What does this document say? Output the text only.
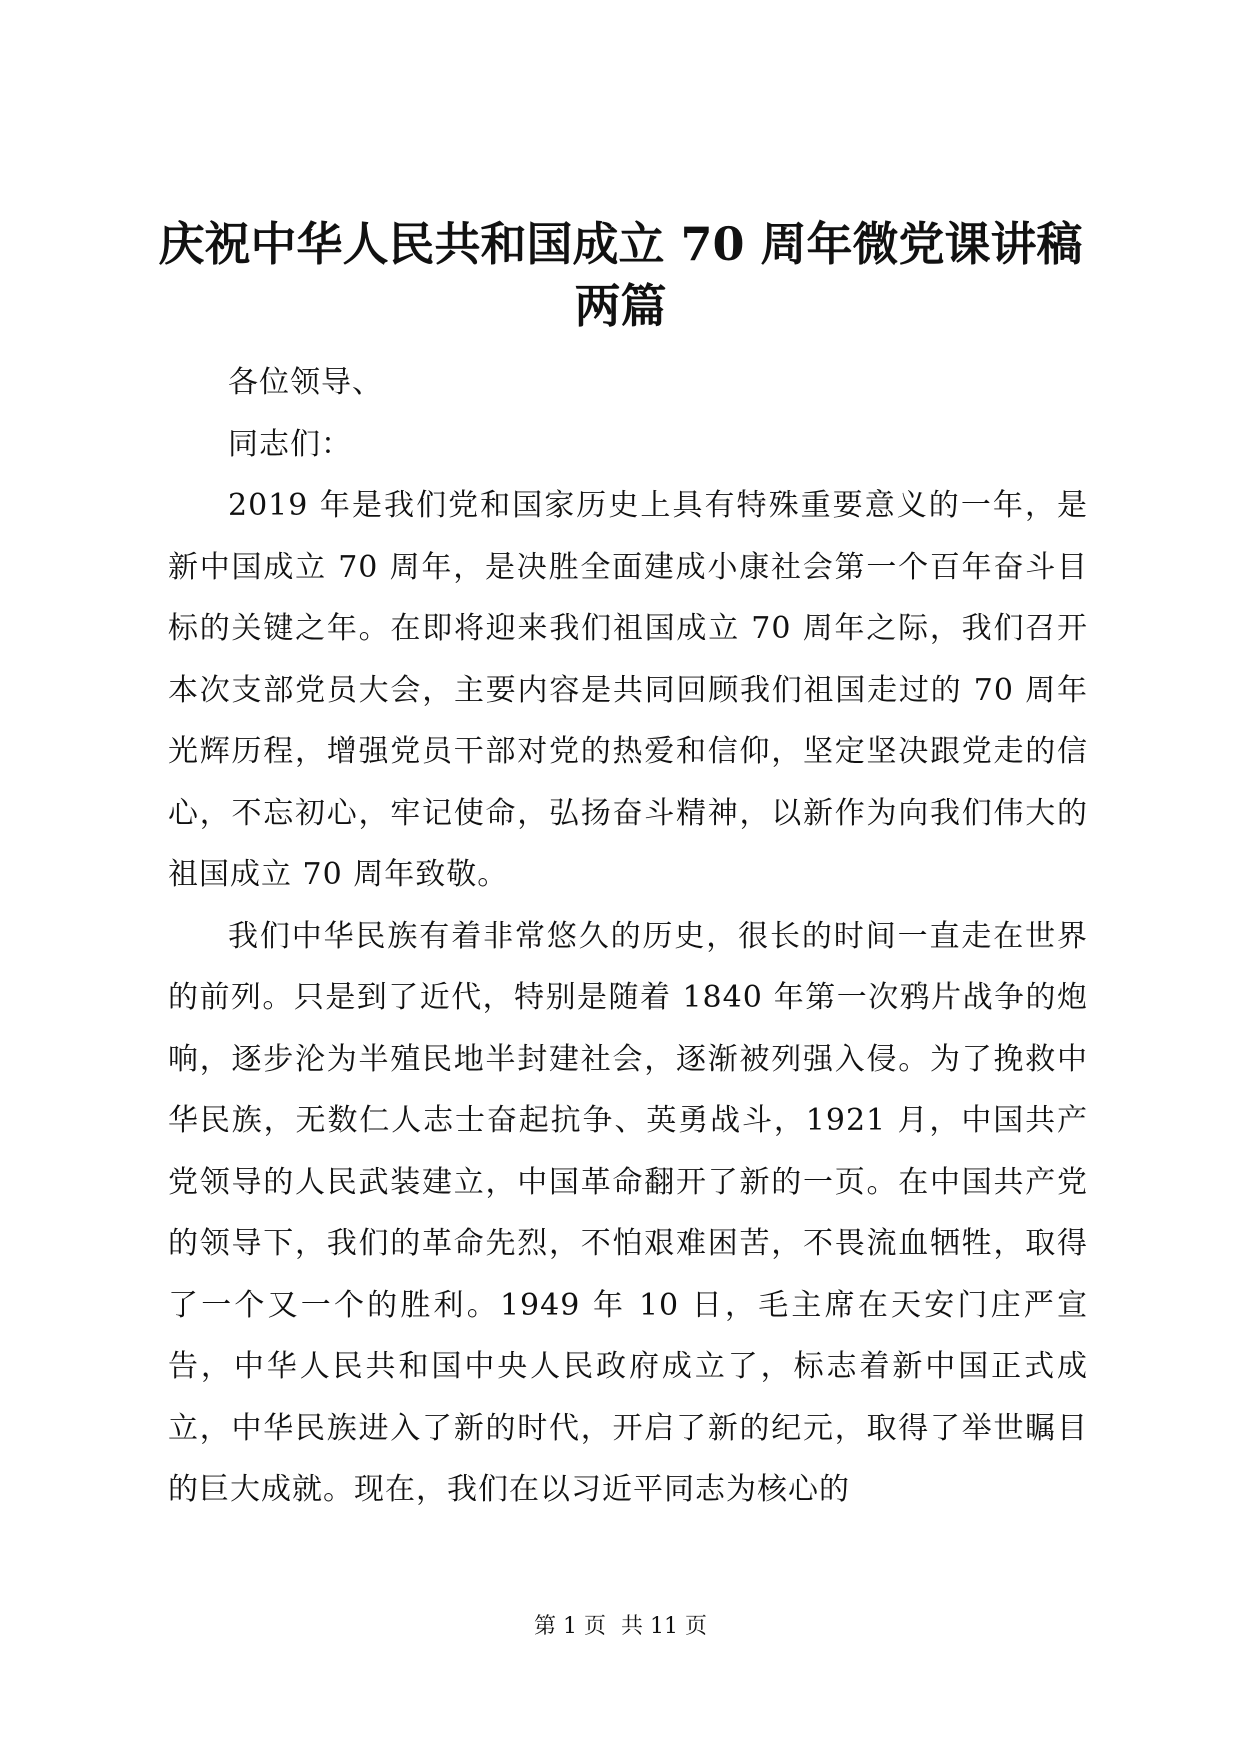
庆祝中华人民共和国成立 70 周年微党课讲稿
两篇

各位领导、

同志们：

2019 年是我们党和国家历史上具有特殊重要意义的一年，是新中国成立 70 周年，是决胜全面建成小康社会第一个百年奋斗目标的关键之年。在即将迎来我们祖国成立 70 周年之际，我们召开本次支部党员大会，主要内容是共同回顾我们祖国走过的 70 周年光辉历程，增强党员干部对党的热爱和信仰，坚定坚决跟党走的信心，不忘初心，牢记使命，弘扬奋斗精神，以新作为向我们伟大的祖国成立 70 周年致敬。

我们中华民族有着非常悠久的历史，很长的时间一直走在世界的前列。只是到了近代，特别是随着 1840 年第一次鸦片战争的炮响，逐步沦为半殖民地半封建社会，逐渐被列强入侵。为了挽救中华民族，无数仁人志士奋起抗争、英勇战斗，1921 月，中国共产党领导的人民武装建立，中国革命翻开了新的一页。在中国共产党的领导下，我们的革命先烈，不怕艰难困苦，不畏流血牺牲，取得了一个又一个的胜利。1949 年 10 日，毛主席在天安门庄严宣告，中华人民共和国中央人民政府成立了，标志着新中国正式成立，中华民族进入了新的时代，开启了新的纪元，取得了举世瞩目的巨大成就。现在，我们在以习近平同志为核心的

第 1 页 共 11 页
